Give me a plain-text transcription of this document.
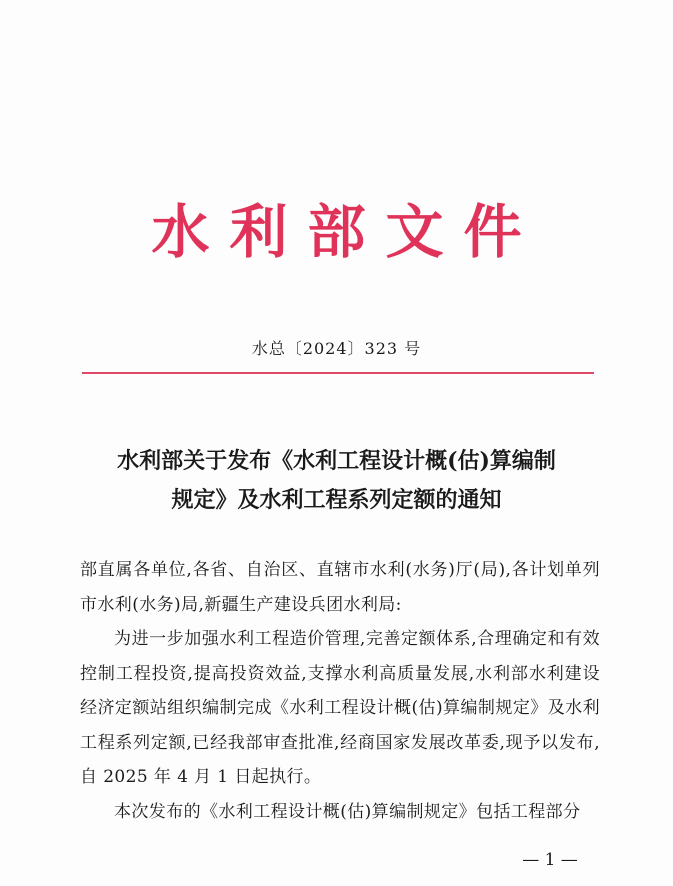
水利部文件
水总〔2024〕323 号
水利部关于发布《水利工程设计概(估)算编制
规定》及水利工程系列定额的通知

部直属各单位,各省、自治区、直辖市水利(水务)厅(局),各计划单列市水利(水务)局,新疆生产建设兵团水利局:

为进一步加强水利工程造价管理,完善定额体系,合理确定和有效控制工程投资,提高投资效益,支撑水利高质量发展,水利部水利建设经济定额站组织编制完成《水利工程设计概(估)算编制规定》及水利工程系列定额,已经我部审查批准,经商国家发展改革委,现予以发布,自 2025 年 4 月 1 日起执行。

本次发布的《水利工程设计概(估)算编制规定》包括工程部分

— 1 —
